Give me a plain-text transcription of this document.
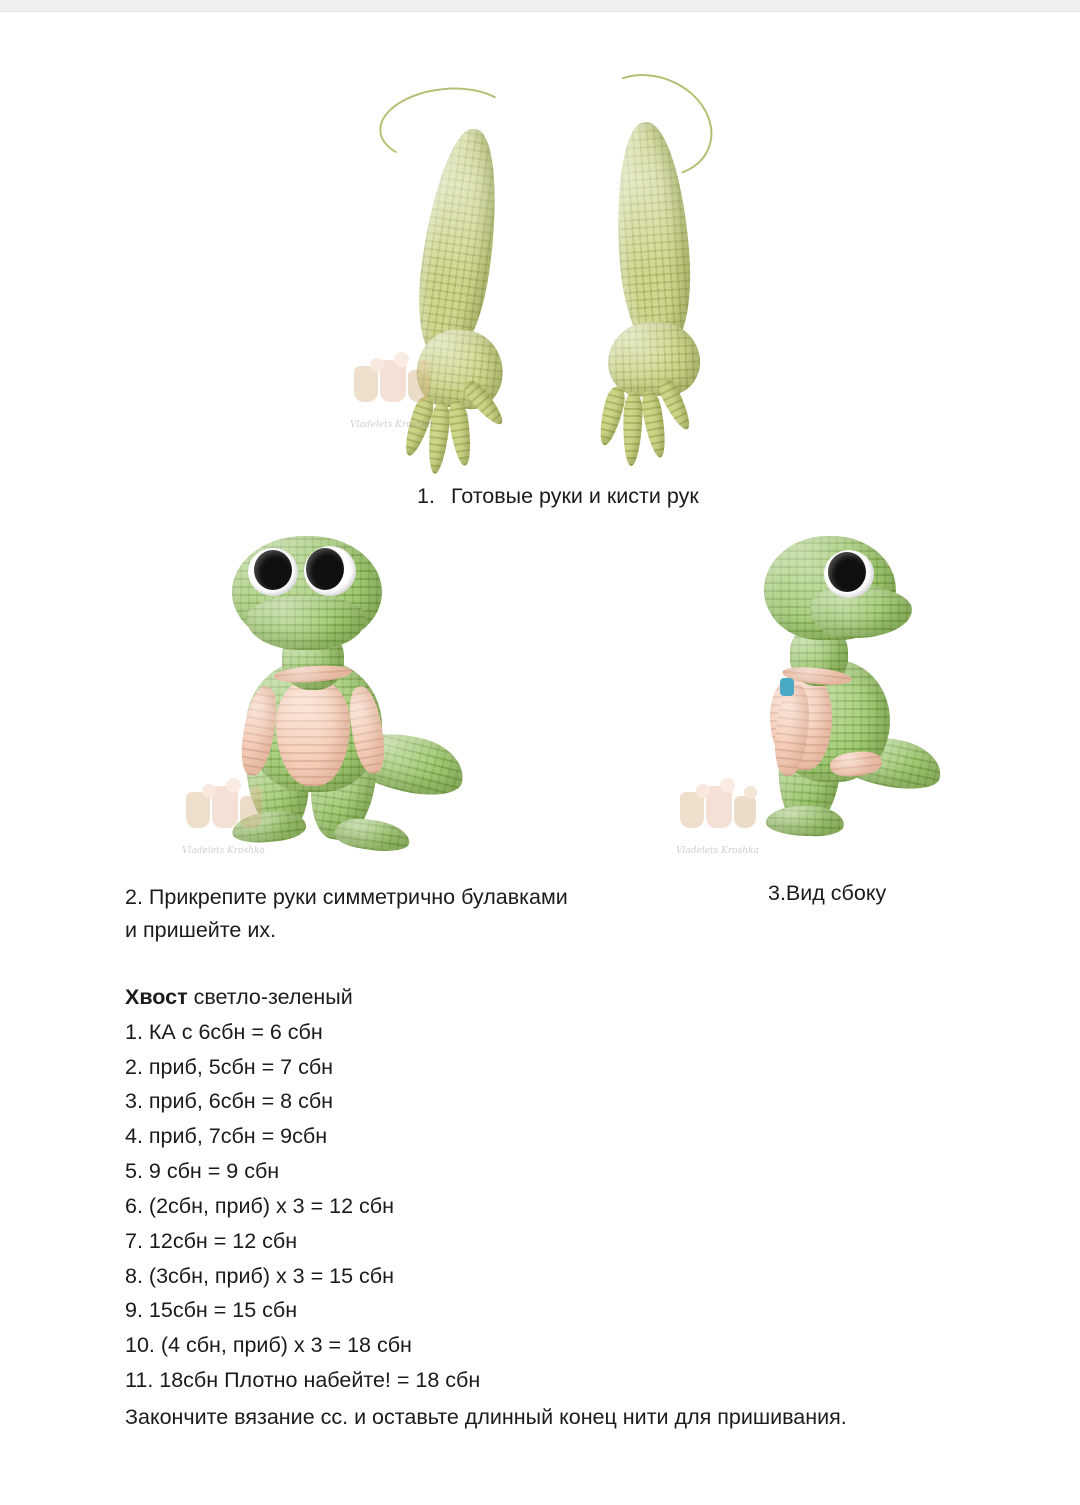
Vladelets Kroshka
1. Готовые руки и кисти рук
Vladelets Kroshka	Vladelets Kroshka
2. Прикрепите руки симметрично булавками
и пришейте их.
3.Вид сбоку
Хвост светло-зеленый
1. КА с 6сбн = 6 сбн
2. приб, 5сбн = 7 сбн
3. приб, 6сбн = 8 сбн
4. приб, 7сбн = 9сбн
5. 9 сбн = 9 сбн
6. (2сбн, приб) х 3 = 12 сбн
7. 12сбн = 12 сбн
8. (3сбн, приб) х 3 = 15 сбн
9. 15сбн = 15 сбн
10. (4 сбн, приб) х 3 = 18 сбн
11. 18сбн Плотно набейте! = 18 сбн
Закончите вязание сс. и оставьте длинный конец нити для пришивания.
